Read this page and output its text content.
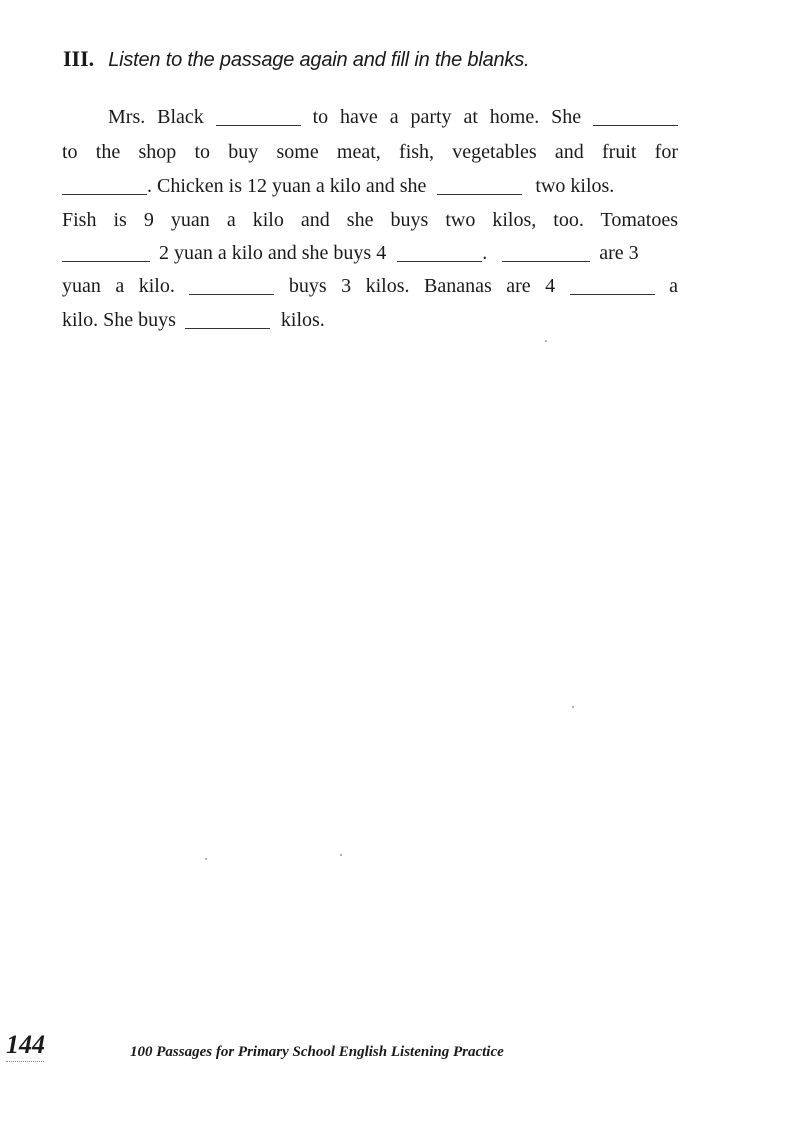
III. Listen to the passage again and fill in the blanks.
Mrs. Black	to have a party at home. She
to the shop to buy some meat, fish, vegetables and fruit for
. Chicken is 12 yuan a kilo and she	two kilos.
Fish is 9 yuan a kilo and she buys two kilos, too. Tomatoes
2 yuan a kilo and she buys 4	.	are 3
yuan a kilo.	buys 3 kilos. Bananas are 4	a
kilo. She buys	kilos.
144	100 Passages for Primary School English Listening Practice
